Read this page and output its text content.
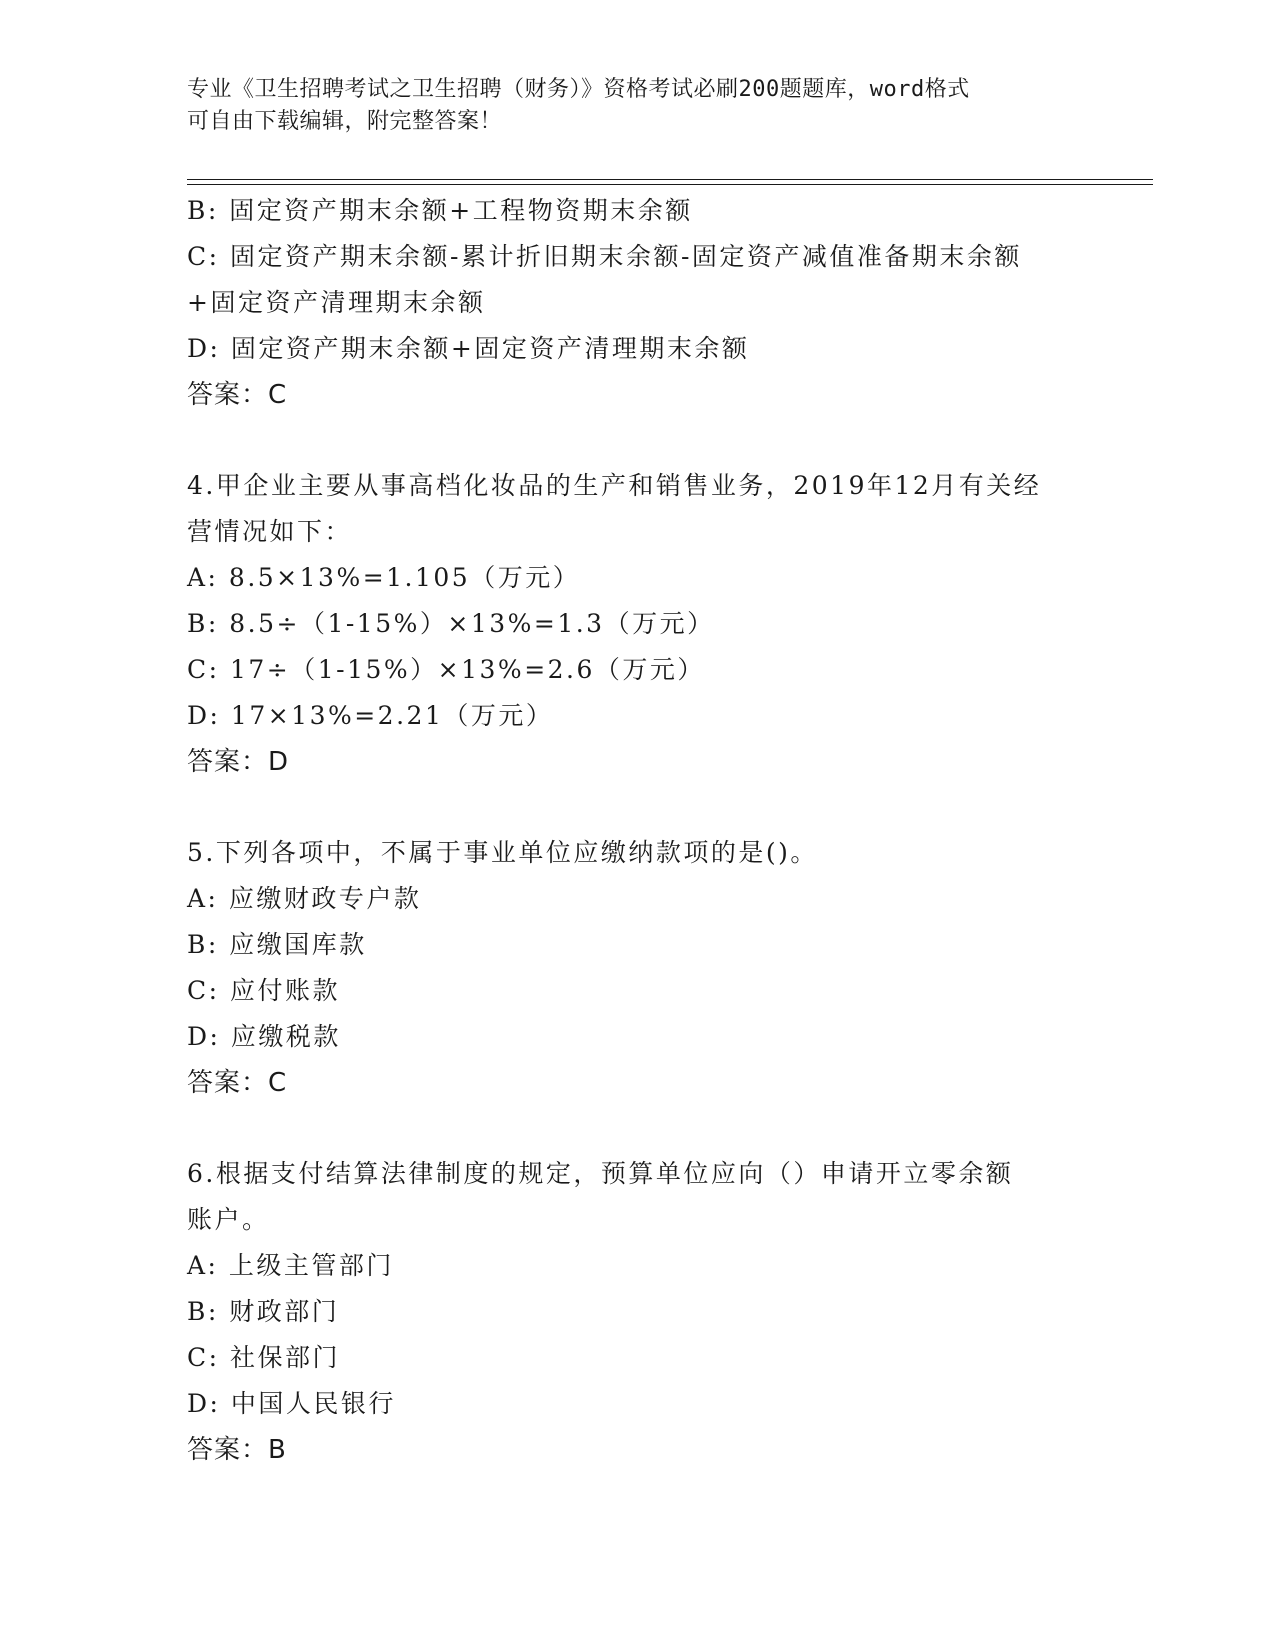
专业《卫生招聘考试之卫生招聘（财务）》资格考试必刷200题题库，word格式
可自由下载编辑，附完整答案！
B: 固定资产期末余额+工程物资期末余额
C: 固定资产期末余额-累计折旧期末余额-固定资产减值准备期末余额
+固定资产清理期末余额
D: 固定资产期末余额+固定资产清理期末余额
答案：C
4.甲企业主要从事高档化妆品的生产和销售业务，2019年12月有关经
营情况如下：
A: 8.5×13%=1.105（万元）
B: 8.5÷（1-15%）×13%=1.3（万元）
C: 17÷（1-15%）×13%=2.6（万元）
D: 17×13%=2.21（万元）
答案：D
5.下列各项中，不属于事业单位应缴纳款项的是()。
A: 应缴财政专户款
B: 应缴国库款
C: 应付账款
D: 应缴税款
答案：C
6.根据支付结算法律制度的规定，预算单位应向（）申请开立零余额
账户。
A: 上级主管部门
B: 财政部门
C: 社保部门
D: 中国人民银行
答案：B
